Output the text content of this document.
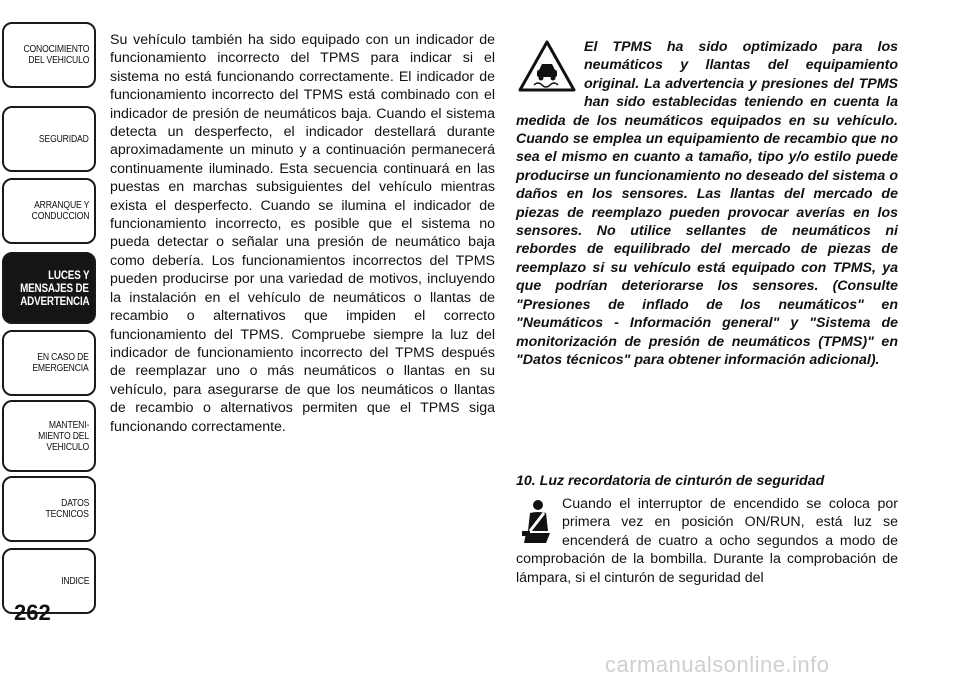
CONOCIMIENTO
DEL VEHICULO
SEGURIDAD
ARRANQUE Y
CONDUCCION
LUCES Y
MENSAJES DE
ADVERTENCIA
EN CASO DE
EMERGENCIA
MANTENI-
MIENTO DEL
VEHICULO
DATOS
TECNICOS
INDICE
262

Su vehículo también ha sido equipado con un indicador de funcionamiento incorrecto del TPMS para indicar si el sistema no está funcionando correctamente. El indicador de funcionamiento incorrecto del TPMS está combinado con el indicador de presión de neumáticos baja. Cuando el sistema detecta un desperfecto, el indicador destellará durante aproximadamente un minuto y a continuación permanecerá continuamente iluminado. Esta secuencia continuará en las puestas en marchas subsiguientes del vehículo mientras exista el desperfecto. Cuando se ilumina el indicador de funcionamiento incorrecto, es posible que el sistema no pueda detectar o señalar una presión de neumático baja como debería. Los funcionamientos incorrectos del TPMS pueden producirse por una variedad de motivos, incluyendo la instalación en el vehículo de neumáticos o llantas de recambio o alternativos que impiden el correcto funcionamiento del TPMS. Compruebe siempre la luz del indicador de funcionamiento incorrecto del TPMS después de reemplazar uno o más neumáticos o llantas en su vehículo, para asegurarse de que los neumáticos o llantas de recambio o alternativos permiten que el TPMS siga funcionando correctamente.

El TPMS ha sido optimizado para los neumáticos y llantas del equipamiento original. La advertencia y presiones del TPMS han sido establecidas teniendo en cuenta la medida de los neumáticos equipados en su vehículo. Cuando se emplea un equipamiento de recambio que no sea el mismo en cuanto a tamaño, tipo y/o estilo puede producirse un funcionamiento no deseado del sistema o daños en los sensores. Las llantas del mercado de piezas de reemplazo pueden provocar averías en los sensores. No utilice sellantes de neumáticos ni rebordes de equilibrado del mercado de piezas de reemplazo si su vehículo está equipado con TPMS, ya que podrían deteriorarse los sensores. (Consulte "Presiones de inflado de los neumáticos" en "Neumáticos - Información general" y "Sistema de monitorización de presión de neumáticos (TPMS)" en "Datos técnicos" para obtener información adicional).

10. Luz recordatoria de cinturón de seguridad

Cuando el interruptor de encendido se coloca por primera vez en posición ON/RUN, está luz se encenderá de cuatro a ocho segundos a modo de comprobación de la bombilla. Durante la comprobación de lámpara, si el cinturón de seguridad del

carmanualsonline.info
